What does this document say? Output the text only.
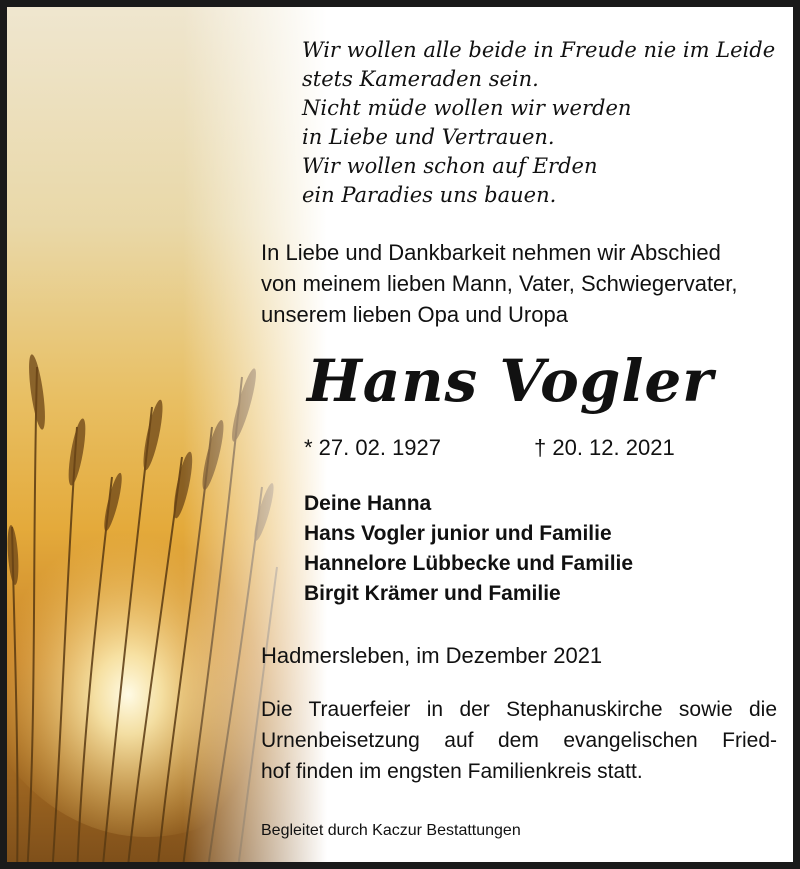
Wir wollen alle beide in Freude nie im Leide
stets Kameraden sein.
Nicht müde wollen wir werden
in Liebe und Vertrauen.
Wir wollen schon auf Erden
ein Paradies uns bauen.
In Liebe und Dankbarkeit nehmen wir Abschied
von meinem lieben Mann, Vater, Schwiegervater,
unserem lieben Opa und Uropa
Hans Vogler
* 27. 02. 1927	† 20. 12. 2021
Deine Hanna
Hans Vogler junior und Familie
Hannelore Lübbecke und Familie
Birgit Krämer und Familie
Hadmersleben, im Dezember 2021
Die Trauerfeier in der Stephanuskirche sowie die
Urnenbeisetzung auf dem evangelischen Fried-
hof finden im engsten Familienkreis statt.
Begleitet durch Kaczur Bestattungen
